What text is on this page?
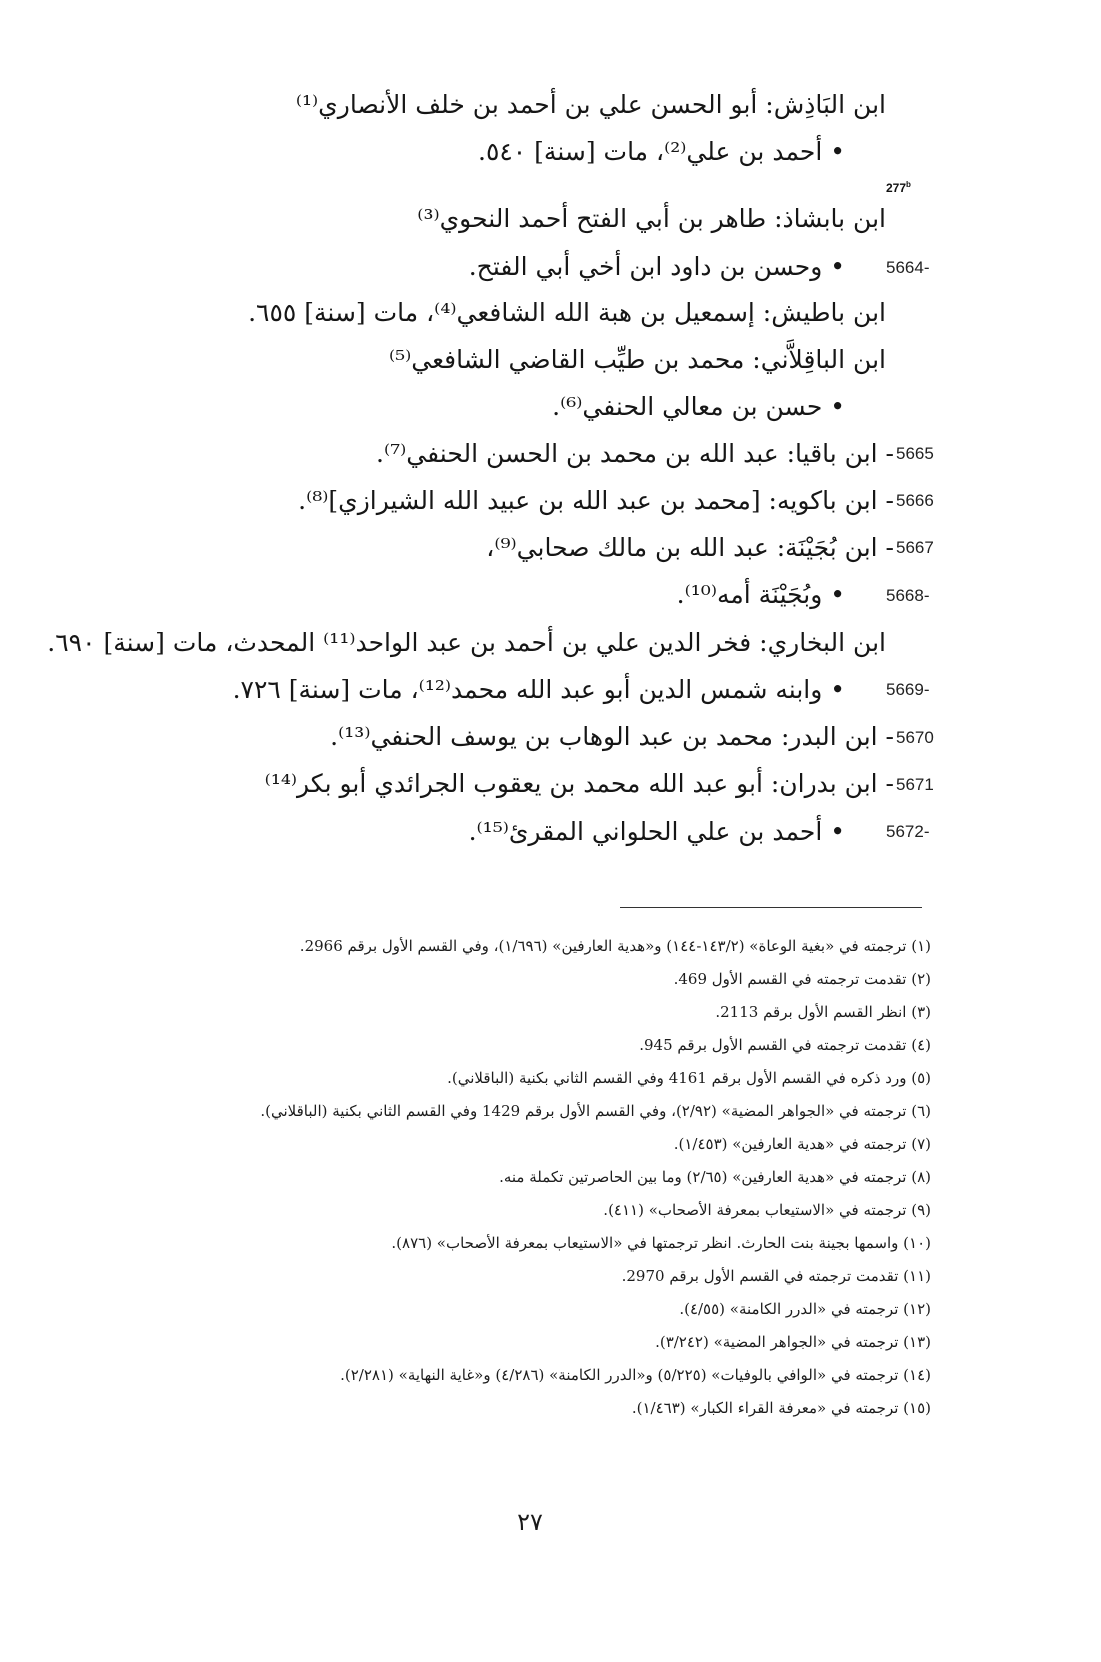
277$^b$
ابن البَاذِش: أبو الحسن علي بن أحمد بن خلف الأنصاري⁽¹⁾
• أحمد بن علي⁽²⁾، مات [سنة] ٥٤٠.
ابن بابشاذ: طاهر بن أبي الفتح أحمد النحوي⁽³⁾
5664-
• وحسن بن داود ابن أخي أبي الفتح.
ابن باطيش: إسمعيل بن هبة الله الشافعي⁽⁴⁾، مات [سنة] ٦٥٥.
ابن الباقِلاَّني: محمد بن طيِّب القاضي الشافعي⁽⁵⁾
• حسن بن معالي الحنفي⁽⁶⁾.
5665
- ابن باقيا: عبد الله بن محمد بن الحسن الحنفي⁽⁷⁾.
5666
- ابن باكويه: [محمد بن عبد الله بن عبيد الله الشيرازي]⁽⁸⁾.
5667
- ابن بُجَيْنَة: عبد الله بن مالك صحابي⁽⁹⁾،
5668-
• وبُجَيْنَة أمه⁽¹⁰⁾.
ابن البخاري: فخر الدين علي بن أحمد بن عبد الواحد⁽¹¹⁾ المحدث، مات [سنة] ٦٩٠.
5669-
• وابنه شمس الدين أبو عبد الله محمد⁽¹²⁾، مات [سنة] ٧٢٦.
5670
- ابن البدر: محمد بن عبد الوهاب بن يوسف الحنفي⁽¹³⁾.
5671
- ابن بدران: أبو عبد الله محمد بن يعقوب الجرائدي أبو بكر⁽¹⁴⁾
5672-
• أحمد بن علي الحلواني المقرئ⁽¹⁵⁾.
(١) ترجمته في «بغية الوعاة» (١٤٣/٢-١٤٤) و«هدية العارفين» (١/٦٩٦)، وفي القسم الأول برقم 2966.
(٢) تقدمت ترجمته في القسم الأول 469.
(٣) انظر القسم الأول برقم 2113.
(٤) تقدمت ترجمته في القسم الأول برقم 945.
(٥) ورد ذكره في القسم الأول برقم 4161 وفي القسم الثاني بكنية (الباقلاني).
(٦) ترجمته في «الجواهر المضية» (٢/٩٢)، وفي القسم الأول برقم 1429 وفي القسم الثاني بكنية (الباقلاني).
(٧) ترجمته في «هدية العارفين» (١/٤٥٣).
(٨) ترجمته في «هدية العارفين» (٢/٦٥) وما بين الحاصرتين تكملة منه.
(٩) ترجمته في «الاستيعاب بمعرفة الأصحاب» (٤١١).
(١٠) واسمها بجينة بنت الحارث. انظر ترجمتها في «الاستيعاب بمعرفة الأصحاب» (٨٧٦).
(١١) تقدمت ترجمته في القسم الأول برقم 2970.
(١٢) ترجمته في «الدرر الكامنة» (٤/٥٥).
(١٣) ترجمته في «الجواهر المضية» (٣/٢٤٢).
(١٤) ترجمته في «الوافي بالوفيات» (٥/٢٢٥) و«الدرر الكامنة» (٤/٢٨٦) و«غاية النهاية» (٢/٢٨١).
(١٥) ترجمته في «معرفة القراء الكبار» (١/٤٦٣).
٢٧
